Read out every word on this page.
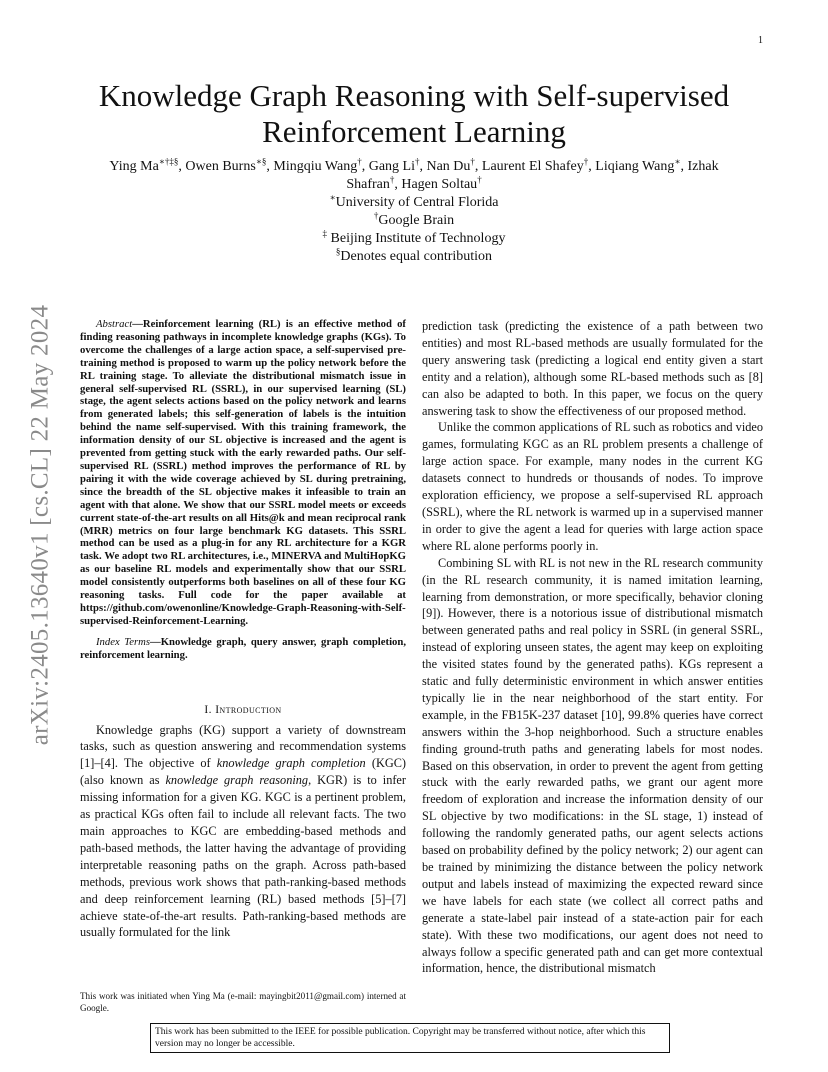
1
arXiv:2405.13640v1 [cs.CL] 22 May 2024
Knowledge Graph Reasoning with Self-supervised
Reinforcement Learning
Ying Ma∗†‡§, Owen Burns∗§, Mingqiu Wang†, Gang Li†, Nan Du†, Laurent El Shafey†, Liqiang Wang∗, Izhak
Shafran†, Hagen Soltau†
∗University of Central Florida
†Google Brain
‡ Beijing Institute of Technology
§Denotes equal contribution

Abstract—Reinforcement learning (RL) is an effective method of finding reasoning pathways in incomplete knowledge graphs (KGs). To overcome the challenges of a large action space, a self-supervised pre-training method is proposed to warm up the policy network before the RL training stage. To alleviate the distributional mismatch issue in general self-supervised RL (SSRL), in our supervised learning (SL) stage, the agent selects actions based on the policy network and learns from generated labels; this self-generation of labels is the intuition behind the name self-supervised. With this training framework, the information density of our SL objective is increased and the agent is prevented from getting stuck with the early rewarded paths. Our self-supervised RL (SSRL) method improves the performance of RL by pairing it with the wide coverage achieved by SL during pretraining, since the breadth of the SL objective makes it infeasible to train an agent with that alone. We show that our SSRL model meets or exceeds current state-of-the-art results on all Hits@k and mean reciprocal rank (MRR) metrics on four large benchmark KG datasets. This SSRL method can be used as a plug-in for any RL architecture for a KGR task. We adopt two RL architectures, i.e., MINERVA and MultiHopKG as our baseline RL models and experimentally show that our SSRL model consistently outperforms both baselines on all of these four KG reasoning tasks. Full code for the paper available at https://github.com/owenonline/Knowledge-Graph-Reasoning-with-Self-supervised-Reinforcement-Learning.

Index Terms—Knowledge graph, query answer, graph completion, reinforcement learning.

I. Introduction

Knowledge graphs (KG) support a variety of downstream tasks, such as question answering and recommendation systems [1]–[4]. The objective of knowledge graph completion (KGC) (also known as knowledge graph reasoning, KGR) is to infer missing information for a given KG. KGC is a pertinent problem, as practical KGs often fail to include all relevant facts. The two main approaches to KGC are embedding-based methods and path-based methods, the latter having the advantage of providing interpretable reasoning paths on the graph. Across path-based methods, previous work shows that path-ranking-based methods and deep reinforcement learning (RL) based methods [5]–[7] achieve state-of-the-art results. Path-ranking-based methods are usually formulated for the link

This work was initiated when Ying Ma (e-mail: mayingbit2011@gmail.com) interned at Google.

prediction task (predicting the existence of a path between two entities) and most RL-based methods are usually formulated for the query answering task (predicting a logical end entity given a start entity and a relation), although some RL-based methods such as [8] can also be adapted to both. In this paper, we focus on the query answering task to show the effectiveness of our proposed method.

Unlike the common applications of RL such as robotics and video games, formulating KGC as an RL problem presents a challenge of large action space. For example, many nodes in the current KG datasets connect to hundreds or thousands of nodes. To improve exploration efficiency, we propose a self-supervised RL approach (SSRL), where the RL network is warmed up in a supervised manner in order to give the agent a lead for queries with large action space where RL alone performs poorly in.

Combining SL with RL is not new in the RL research community (in the RL research community, it is named imitation learning, learning from demonstration, or more specifically, behavior cloning [9]). However, there is a notorious issue of distributional mismatch between generated paths and real policy in SSRL (in general SSRL, instead of exploring unseen states, the agent may keep on exploiting the visited states found by the generated paths). KGs represent a static and fully deterministic environment in which answer entities typically lie in the near neighborhood of the start entity. For example, in the FB15K-237 dataset [10], 99.8% queries have correct answers within the 3-hop neighborhood. Such a structure enables finding ground-truth paths and generating labels for most nodes. Based on this observation, in order to prevent the agent from getting stuck with the early rewarded paths, we grant our agent more freedom of exploration and increase the information density of our SL objective by two modifications: in the SL stage, 1) instead of following the randomly generated paths, our agent selects actions based on probability defined by the policy network; 2) our agent can be trained by minimizing the distance between the policy network output and labels instead of maximizing the expected reward since we have labels for each state (we collect all correct paths and generate a state-label pair instead of a state-action pair for each state). With these two modifications, our agent does not need to always follow a specific generated path and can get more contextual information, hence, the distributional mismatch

This work has been submitted to the IEEE for possible publication. Copyright may be transferred without notice, after which this version may no longer be accessible.
